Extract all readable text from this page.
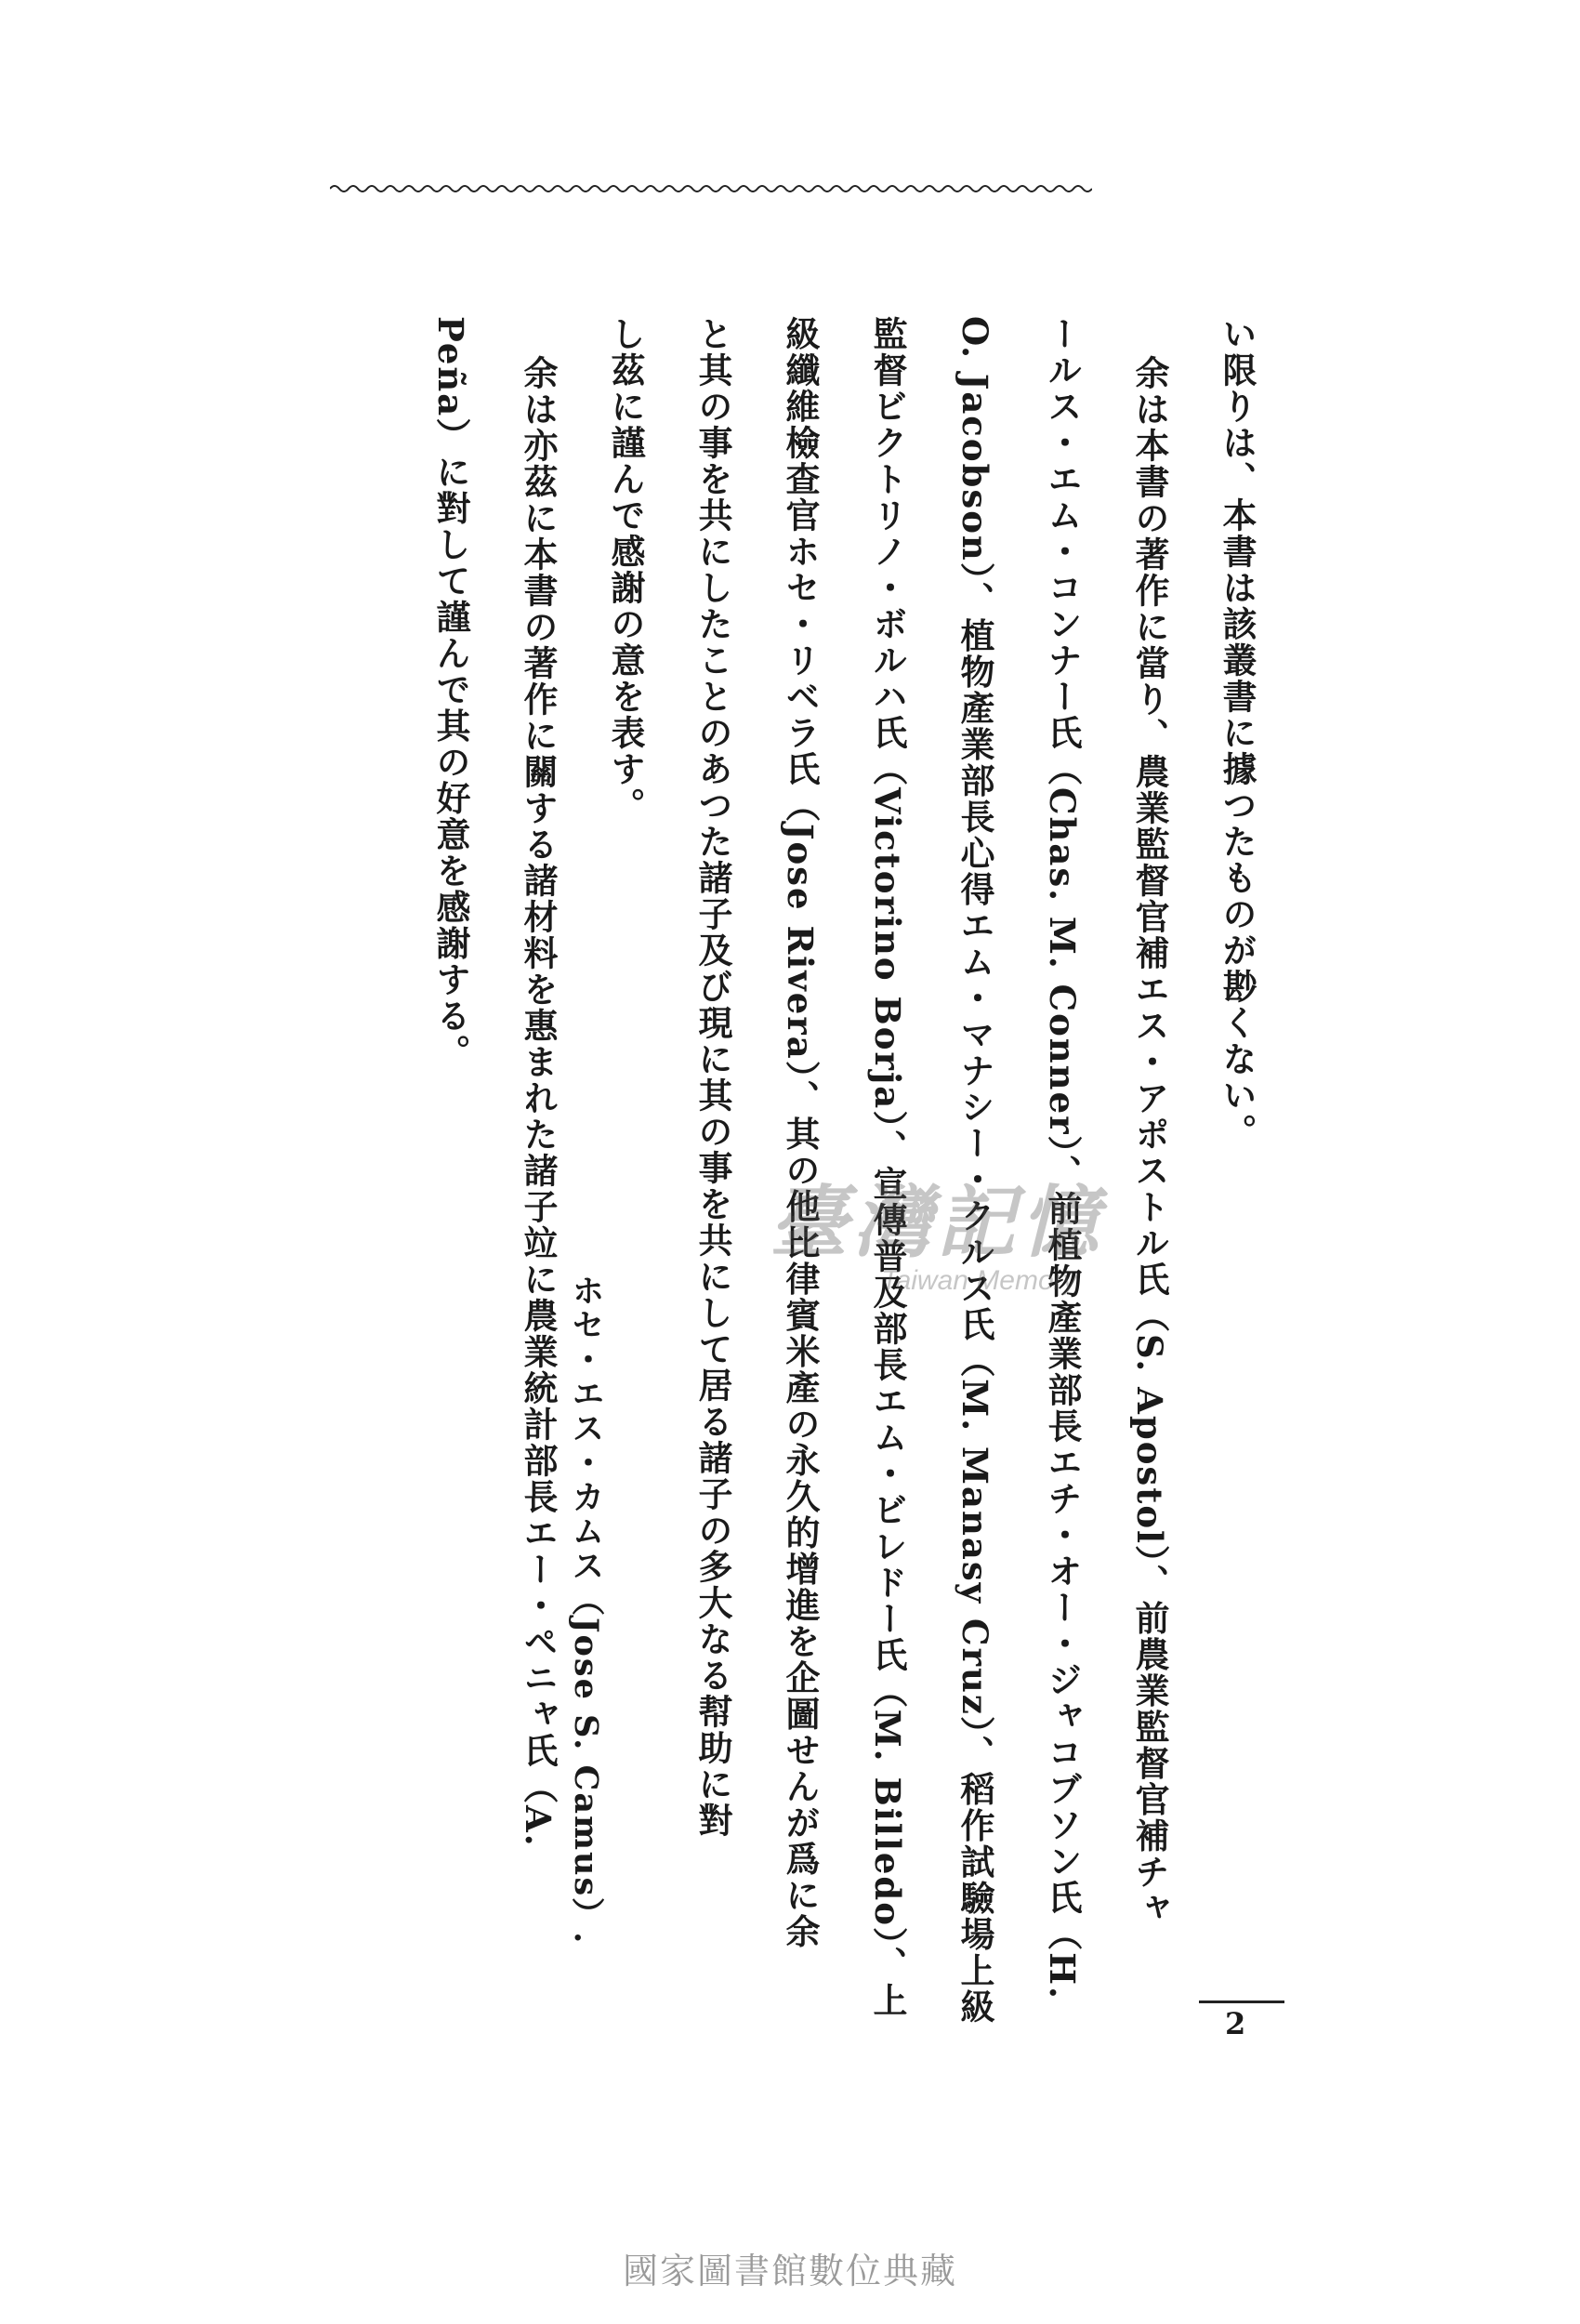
い限りは、本書は該叢書に據つたものが尠くない。
余は本書の著作に當り、農業監督官補エス・アポストル氏（S. Apostol）、前農業監督官補チャ
ールス・エム・コンナー氏（Chas. M. Conner）、前植物產業部長エチ・オー・ジャコブソン氏（H.
O. Jacobson）、植物產業部長心得エム・マナシー・クルス氏（M. Manasy Cruz）、稻作試驗場上級
監督ビクトリノ・ボルハ氏（Victorino Borja）、宣傳普及部長エム・ビレドー氏（M. Billedo）、上
級纖維檢查官ホセ・リベラ氏（Jose Rivera）、其の他比律賓米產の永久的增進を企圖せんが爲に余
と其の事を共にしたことのあつた諸子及び現に其の事を共にして居る諸子の多大なる幇助に對
し茲に謹んで感謝の意を表す。
余は亦茲に本書の著作に關する諸材料を惠まれた諸子竝に農業統計部長エー・ペニャ氏（A.
Peña）に對して謹んで其の好意を感謝する。
ホセ・エス・カムス（Jose S. Camus）.
臺灣記憶
Taiwan Memory
2
國家圖書館數位典藏
